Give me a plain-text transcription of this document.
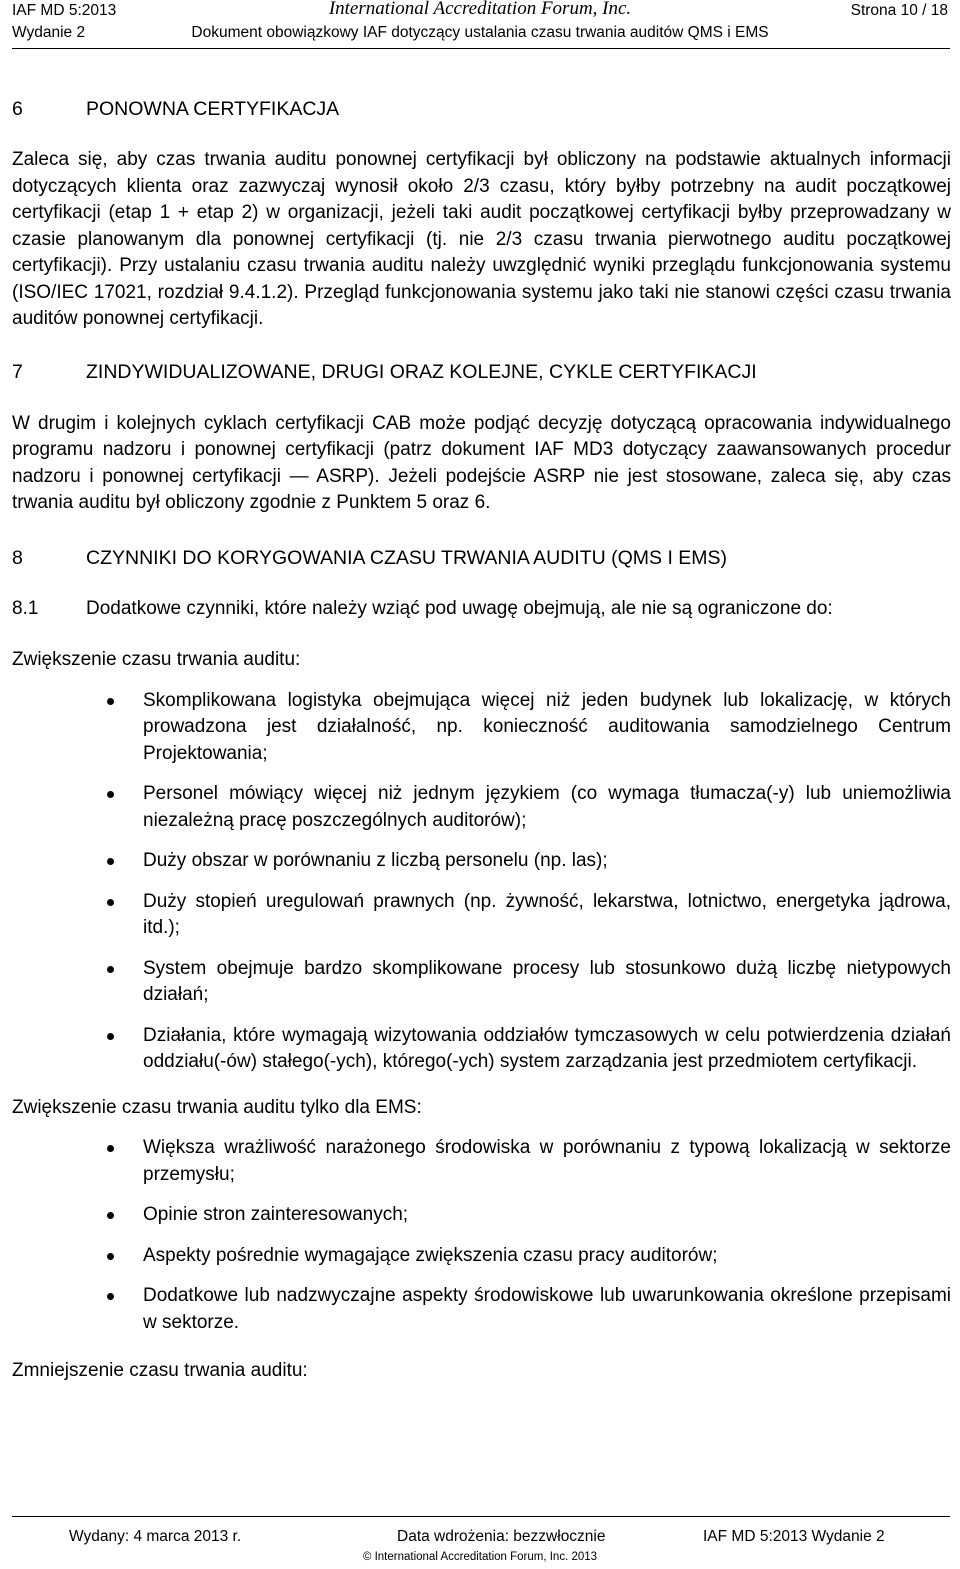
IAF MD 5:2013	International Accreditation Forum, Inc.	Strona 10 / 18
Wydanie 2	Dokument obowiązkowy IAF dotyczący ustalania czasu trwania auditów QMS i EMS
6	PONOWNA CERTYFIKACJA

Zaleca się, aby czas trwania auditu ponownej certyfikacji był obliczony na podstawie aktualnych informacji dotyczących klienta oraz zazwyczaj wynosił około 2/3 czasu, który byłby potrzebny na audit początkowej certyfikacji (etap 1 + etap 2) w organizacji, jeżeli taki audit początkowej certyfikacji byłby przeprowadzany w czasie planowanym dla ponownej certyfikacji (tj. nie 2/3 czasu trwania pierwotnego auditu początkowej certyfikacji). Przy ustalaniu czasu trwania auditu należy uwzględnić wyniki przeglądu funkcjonowania systemu (ISO/IEC 17021, rozdział 9.4.1.2). Przegląd funkcjonowania systemu jako taki nie stanowi części czasu trwania auditów ponownej certyfikacji.

7	ZINDYWIDUALIZOWANE, DRUGI ORAZ KOLEJNE, CYKLE CERTYFIKACJI

W drugim i kolejnych cyklach certyfikacji CAB może podjąć decyzję dotyczącą opracowania indywidualnego programu nadzoru i ponownej certyfikacji (patrz dokument IAF MD3 dotyczący zaawansowanych procedur nadzoru i ponownej certyfikacji — ASRP). Jeżeli podejście ASRP nie jest stosowane, zaleca się, aby czas trwania auditu był obliczony zgodnie z Punktem 5 oraz 6.

8	CZYNNIKI DO KORYGOWANIA CZASU TRWANIA AUDITU (QMS I EMS)
8.1	Dodatkowe czynniki, które należy wziąć pod uwagę obejmują, ale nie są ograniczone do:

Zwiększenie czasu trwania auditu:

Skomplikowana logistyka obejmująca więcej niż jeden budynek lub lokalizację, w których prowadzona jest działalność, np. konieczność auditowania samodzielnego Centrum Projektowania;
Personel mówiący więcej niż jednym językiem (co wymaga tłumacza(-y) lub uniemożliwia niezależną pracę poszczególnych auditorów);
Duży obszar w porównaniu z liczbą personelu (np. las);
Duży stopień uregulowań prawnych (np. żywność, lekarstwa, lotnictwo, energetyka jądrowa, itd.);
System obejmuje bardzo skomplikowane procesy lub stosunkowo dużą liczbę nietypowych działań;
Działania, które wymagają wizytowania oddziałów tymczasowych w celu potwierdzenia działań oddziału(-ów) stałego(-ych), którego(-ych) system zarządzania jest przedmiotem certyfikacji.

Zwiększenie czasu trwania auditu tylko dla EMS:

Większa wrażliwość narażonego środowiska w porównaniu z typową lokalizacją w sektorze przemysłu;
Opinie stron zainteresowanych;
Aspekty pośrednie wymagające zwiększenia czasu pracy auditorów;
Dodatkowe lub nadzwyczajne aspekty środowiskowe lub uwarunkowania określone przepisami w sektorze.

Zmniejszenie czasu trwania auditu:

Wydany: 4 marca 2013 r.	Data wdrożenia: bezzwłocznie	IAF MD 5:2013 Wydanie 2
© International Accreditation Forum, Inc. 2013
